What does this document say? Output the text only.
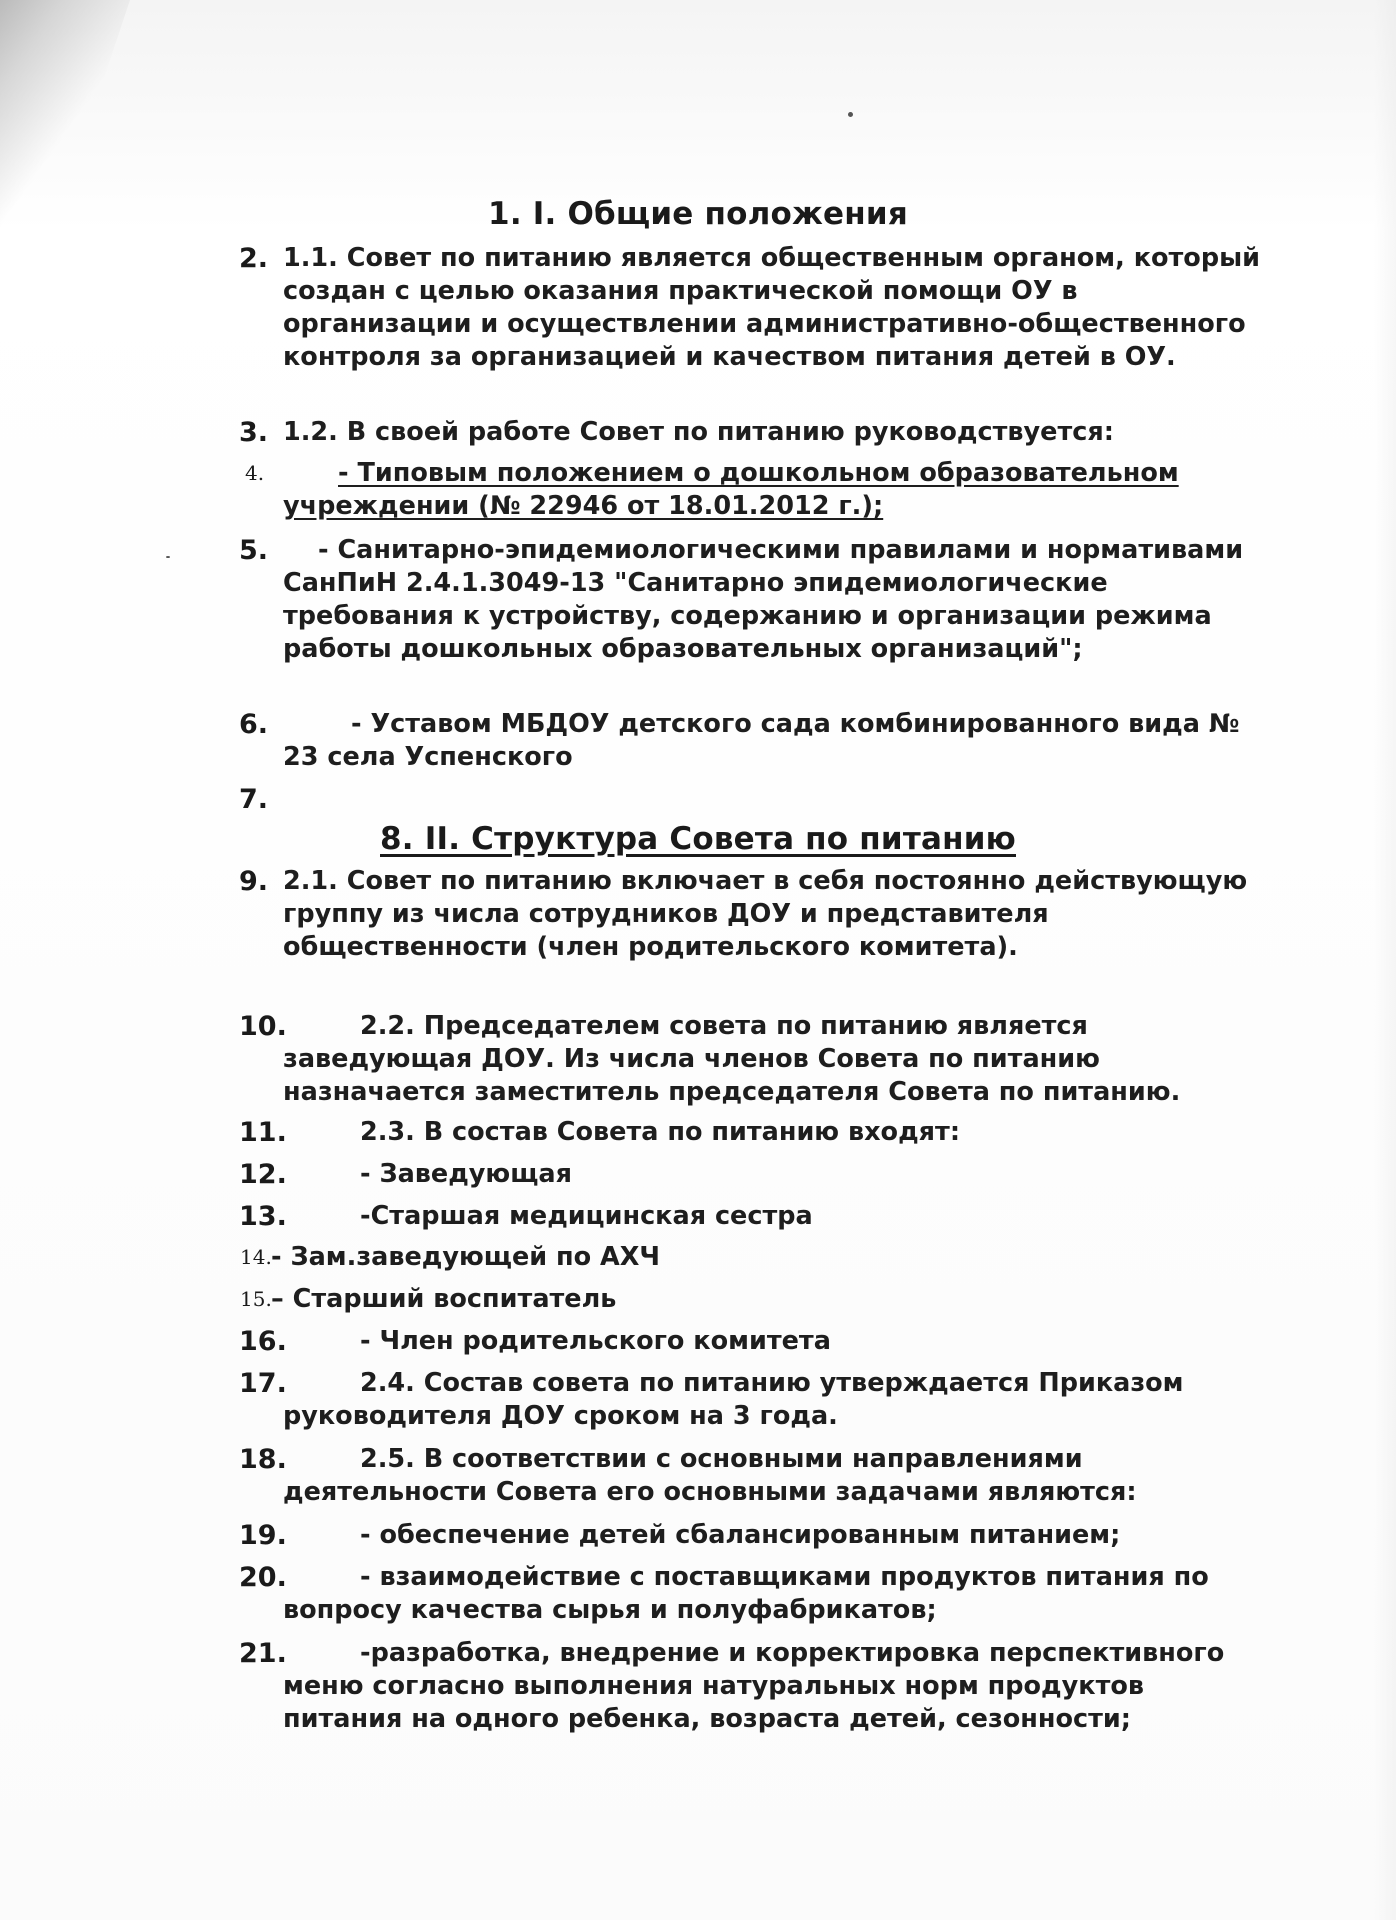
1. I. Общие положения
2. 1.1. Совет по питанию является общественным органом, который создан с целью оказания практической помощи ОУ в организации и осуществлении административно-общественного контроля за организацией и качеством питания детей в ОУ.
3. 1.2. В своей работе Совет по питанию руководствуется:
4.	- Типовым положением о дошкольном образовательном учреждении (№ 22946 от 18.01.2012 г.);
5.	- Санитарно-эпидемиологическими правилами и нормативами СанПиН 2.4.1.3049-13 "Санитарно эпидемиологические требования к устройству, содержанию и организации режима работы дошкольных образовательных организаций";
6.	- Уставом МБДОУ детского сада комбинированного вида № 23 села Успенского
7.
8. II. Структура Совета по питанию
9. 2.1. Совет по питанию включает в себя постоянно действующую группу из числа сотрудников ДОУ и представителя общественности (член родительского комитета).
10.	2.2. Председателем совета по питанию является заведующая ДОУ. Из числа членов Совета по питанию назначается заместитель председателя Совета по питанию.
11.	2.3. В состав Совета по питанию входят:
12.	- Заведующая
13.	-Старшая медицинская сестра
14. - Зам.заведующей по АХЧ
15. – Старший воспитатель
16.	- Член родительского комитета
17.	2.4. Состав совета по питанию утверждается Приказом руководителя ДОУ сроком на 3 года.
18.	2.5. В соответствии с основными направлениями деятельности Совета его основными задачами являются:
19.	- обеспечение детей сбалансированным питанием;
20.	- взаимодействие с поставщиками продуктов питания по вопросу качества сырья и полуфабрикатов;
21.	-разработка, внедрение и корректировка перспективного меню согласно выполнения натуральных норм продуктов питания на одного ребенка, возраста детей, сезонности;
